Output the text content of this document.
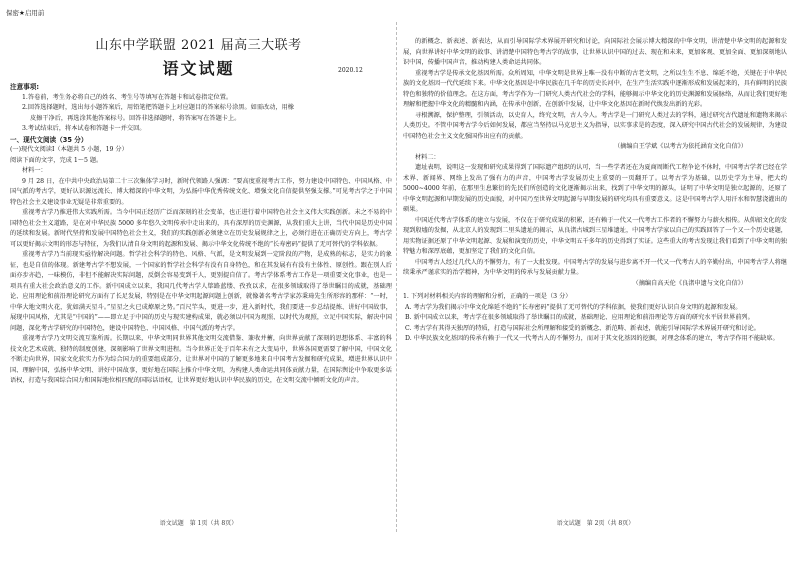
保密★启用前
山东中学联盟 2021 届高三大联考
语文试题	2020.12
注意事项:
1.答卷前，考生务必将自己的姓名、考生号等填写在答题卡和试卷指定位置。
2.回答选择题时，选出每小题答案后，用铅笔把答题卡上对应题目的答案标号涂黑。如需改动，用橡
皮擦干净后，再选涂其他答案标号。回答非选择题时，将答案写在答题卡上。
3.考试结束后，将本试卷和答题卡一并交回。
一、现代文阅读（35 分）
(一)现代文阅读Ⅰ（本题共 5 小题，19 分）
阅读下面的文字，完成 1～5 题。
材料一：
9 月 28 日，在中共中央政治局第二十三次集体学习时，新时代领路人强调：“要高度重视考古工作，努力建设中国特色、中国风格、中国气派的考古学，更好认识源远流长、博大精深的中华文明，为弘扬中华优秀传统文化、增强文化自信提供坚强支撑。”可见考古学之于中国特色社会主义建设事业无疑是非常重要的。
重视考古学乃推进伟大实践所需。当今中国正经历广泛而深刻的社会变革，也正进行着中国特色社会主义伟大实践创新。未之不易的中国特色社会主义道路，是在对中华民族 5000 多年悠久文明传承中走出来的，具有深厚的历史渊源，从我们重大上讲，当代中国是历史中国的延续和发展。新时代坚持和发展中国特色社会主义，我们的实践创新必须建立在历史发展规律之上，必须行进在正确历史方向上，考古学可以更好揭示文明的形态与特征，为我们认清自身文明的起源和发展、揭示中华文化传统不绝的“长寿密码”提供了无可替代的学科依据。
重视考古学乃当前现实亟待解决问题。哲学社会科学的特色、风格、气派，是文明发展到一定阶段的产物，是成熟的标志，是实力的象征，也是自信的体现。新建考古学不想发展，一个国家的哲学社会科学有没有自身特色，和在其发展有有没有主体性、原创性。跟在别人后面亦步亦趋，一味模仿，非但不能解决实际问题，反倒会容易变到千人，更别提自信了。考古学体系考古工作是一项重要文化事业，也是一项具有重大社会政治意义的工作。新中国成立以来，我国几代考古学人筚路蓝缕、孜孜以求，在很多领域取得了举世瞩目的成就，基础理论、应用理论和前沿理论研究方面有了长足发展，特别是在中华文明起源问题上创新，就像著名考古学家苏秉琦先生所形容的那样：“一时，中华大地文明火花，犹如满天星斗。”星星之火已成燎原之势。”百尺竿头，更进一步，进入新时代，我们要进一步总结提炼、讲好中国故事，展现中国风格，尤其是“中国的”——即立足于中国的历史与现实建构成果，就必须以中国为观照、以时代为观照，立足中国实际，解决中国问题，深化考古学研究的中国特色，建设中国特色、中国风格、中国气派的考古学。
重视考古学乃文明交流互鉴所需。长期以来，中华文明同世界其他文明交流借鉴、兼收并蓄，向世界贡献了深刻的思想体系、丰富的科技文化艺术成就、独特的制度创建，深刻影响了世界文明进程。当今世界正处于百年未有之大变局中，世界各国更需要了解中国，中国文化不断走向世界，国家文化软实力作为综合国力的重要组成部分，让世界对中国的了解更多地来自中国考古发掘和研究成果，增进世界认识中国、理解中国，弘扬中华文明、讲好中国故事，更好地在国际上推介中华文明，为构建人类命运共同体贡献力量，在国际舆论中争取更多话语权，打造与我国综合国力和国际地位相匹配的国际话语权，让世界更好地认识中华民族的历史，在文明交流中倾听文化的声音。
语文试题　第 1页（共 8页）
的新概念、新表述、新表达，从而引导国际学术界展开研究和讨论，向国际社会展示博大精深的中华文明，讲清楚中华文明的起源和发展，向世界讲好中华文明的故事、讲清楚中国特色考古学的故事，让世界认识中国的过去、现在和未来，更加客观、更加全面、更加深刻地认识中国，传播中国声音，推动构建人类命运共同体。
重视考古学是传承文化基因所需。众所周知，中华文明是世界上唯一没有中断的古老文明，之所以生生不息、绵延不绝，关键在于中华民族的文化基因一代代延续下来。中华文化基因是中华民族在几千年的历史长河中，在生产生活实践中逐渐形成和发展起来的，具有鲜明的民族特色和独特的价值理念。在这方面，考古学作为一门研究人类古代社会的学科，能够揭示中华文化的历史渊源和发展脉络，从而让我们更好地理解和把握中华文化的精髓和内涵，在传承中创新，在创新中发展，让中华文化基因在新时代焕发出新的光彩。
寻根溯源，保护整理，引领活动，以史育人，终究文明，古人今人。考古学是一门研究人类过去的学科，通过研究古代遗址和遗物来揭示人类历史。不管中国考古学今后如何发展，都应当坚持以马克思主义为指导，以实事求是的态度，深入研究中国古代社会的发展规律，为建设中国特色社会主义文化强国作出应有的贡献。
（摘编自王学斌《以考古为依托涵育文化自信》）
材料二：
遗址表明，说明这一发现和研究成果得到了国际遗产组织的认可，当一些学者还在为夏商周断代工程争论不休时，中国考古学者已经在学术界、新闻界、网络上发出了强有力的声音，中国考古学发展历史上重要的一页翻开了。以考古学为基础，以历史学为主导，把大约 5000~4000 年前，在那里生息繁衍的先民们所创造的文化逐渐揭示出来，找到了中华文明的源头，证明了中华文明是独立起源的，还原了中华文明起源和早期发展的历史面貌，对中国乃至世界文明起源与早期发展的研究均具有重要意义。这是中国考古学人用汗水和智慧浇灌出的硕果。
中国近代考古学体系的建立与发展，不仅在于研究成果的积累，还有赖于一代又一代考古工作者的不懈努力与薪火相传。从仰韶文化的发现到殷墟的发掘，从北京人的发现到二里头遗址的揭示，从良渚古城到三星堆遗址，中国考古学家以自己的实践回答了一个又一个历史谜题，用实物证据还原了中华文明起源、发展和演变的历史，中华文明五千多年的历史得到了实证。这些重大的考古发现让我们看到了中华文明的独特魅力和深厚底蕴，更加坚定了我们的文化自信。
中国考古人经过几代人的不懈努力，有了一大批发现。中国考古学的发展与进步离不开一代又一代考古人的辛勤付出，中国考古学人将继续秉承严谨求实的治学精神，为中华文明的传承与发展贡献力量。
（摘编自高天伦《良渚申遗与文化自信》）
1. 下列对材料相关内容的理解和分析，正确的一项是（3 分）
A. 考古学为我们揭示中华文化绵延不绝的“长寿密码”提供了无可替代的学科依据，使我们更好认识自身文明的起源和发展。
B. 新中国成立以来，考古学在很多领域取得了举世瞩目的成就，基础理论、应用理论和前沿理论等方面的研究水平居世界前列。
C. 考古学有其得天独厚的特质，打造与国际社会所理解和接受的新概念、新范畴、新表述，就能引导国际学术界展开研究和讨论。
D. 中华民族文化基因的传承有赖于一代又一代考古人的不懈努力，而对于其文化基因的挖掘，对理念体系的建立，考古学作用不能缺席。
语文试题　第 2页（共 8页）
